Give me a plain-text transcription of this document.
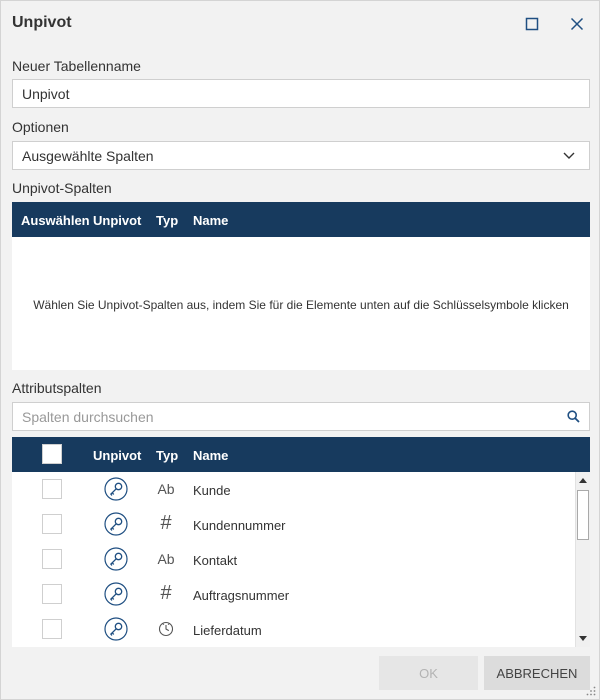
Unpivot
Neuer Tabellenname
Unpivot
Optionen
Ausgewählte Spalten
Unpivot-Spalten
Auswählen Unpivot Typ Name
Wählen Sie Unpivot-Spalten aus, indem Sie für die Elemente unten auf die Schlüsselsymbole klicken
Attributspalten
Spalten durchsuchen
Unpivot Typ Name
Ab Kunde
# Kundennummer
Ab Kontakt
# Auftragsnummer
Lieferdatum
OK	ABBRECHEN
